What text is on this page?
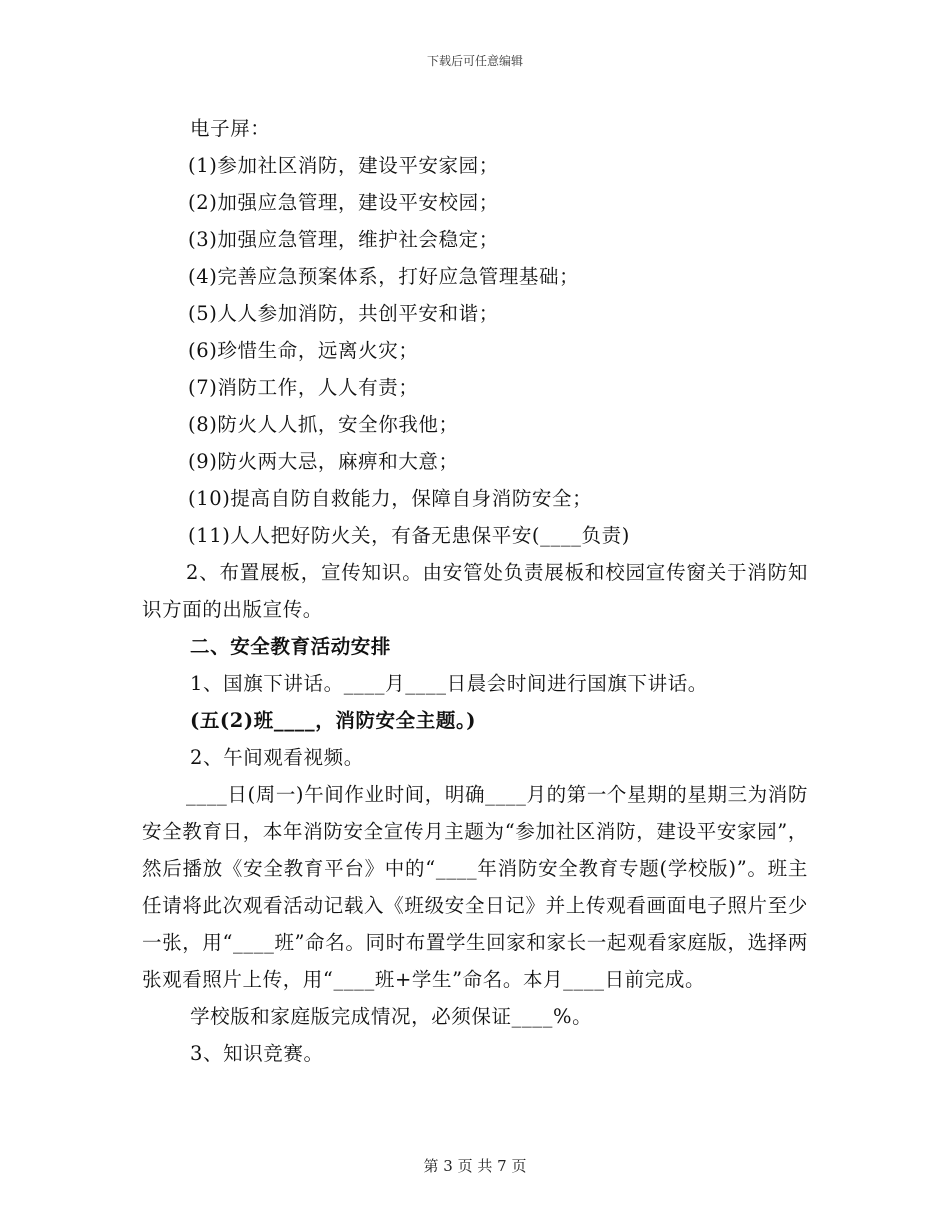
下载后可任意编辑
电子屏：
(1)参加社区消防，建设平安家园；
(2)加强应急管理，建设平安校园；
(3)加强应急管理，维护社会稳定；
(4)完善应急预案体系，打好应急管理基础；
(5)人人参加消防，共创平安和谐；
(6)珍惜生命，远离火灾；
(7)消防工作，人人有责；
(8)防火人人抓，安全你我他；
(9)防火两大忌，麻痹和大意；
(10)提高自防自救能力，保障自身消防安全；
(11)人人把好防火关，有备无患保平安(____负责)
2、布置展板，宣传知识。由安管处负责展板和校园宣传窗关于消防知识方面的出版宣传。
二、安全教育活动安排
1、国旗下讲话。____月____日晨会时间进行国旗下讲话。
(五(2)班____，消防安全主题。)
2、午间观看视频。
____日(周一)午间作业时间，明确____月的第一个星期的星期三为消防安全教育日，本年消防安全宣传月主题为“参加社区消防，建设平安家园”，然后播放《安全教育平台》中的“____年消防安全教育专题(学校版)”。班主任请将此次观看活动记载入《班级安全日记》并上传观看画面电子照片至少一张，用“____班”命名。同时布置学生回家和家长一起观看家庭版，选择两张观看照片上传，用“____班+学生”命名。本月____日前完成。
学校版和家庭版完成情况，必须保证____%。
3、知识竞赛。
第 3 页 共 7 页
